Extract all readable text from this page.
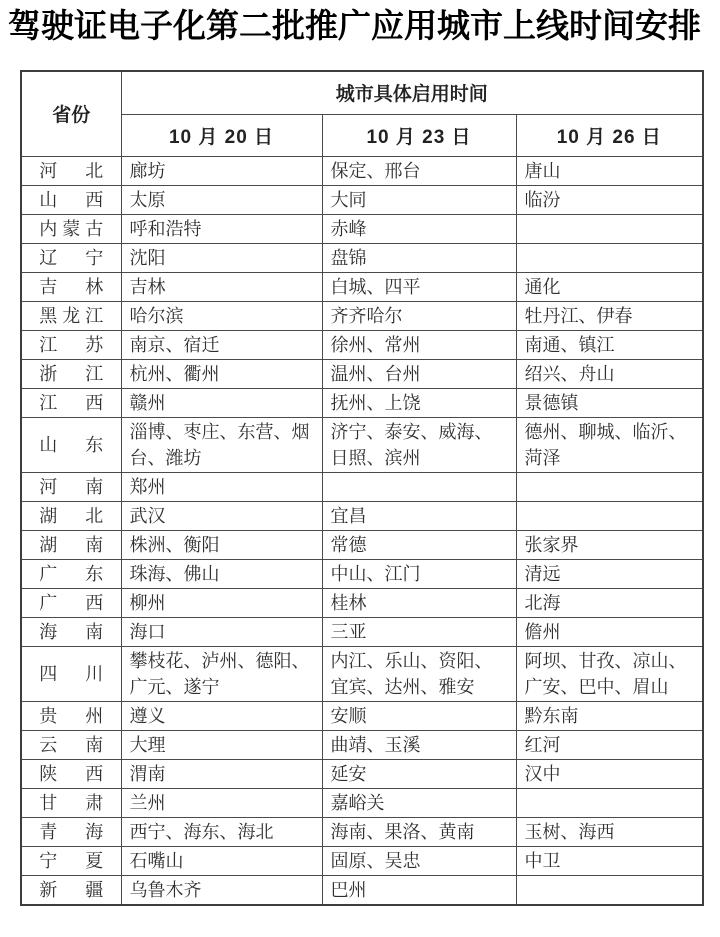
驾驶证电子化第二批推广应用城市上线时间安排
省份	城市具体启用时间		
	10 月 20 日	10 月 23 日	10 月 26 日
河北	廊坊	保定、邢台	唐山
山西	太原	大同	临汾
内蒙古	呼和浩特	赤峰	
辽宁	沈阳	盘锦	
吉林	吉林	白城、四平	通化
黑龙江	哈尔滨	齐齐哈尔	牡丹江、伊春
江苏	南京、宿迁	徐州、常州	南通、镇江
浙江	杭州、衢州	温州、台州	绍兴、舟山
江西	赣州	抚州、上饶	景德镇
山东	淄博、枣庄、东营、烟台、潍坊	济宁、泰安、威海、日照、滨州	德州、聊城、临沂、菏泽
河南	郑州		
湖北	武汉	宜昌	
湖南	株洲、衡阳	常德	张家界
广东	珠海、佛山	中山、江门	清远
广西	柳州	桂林	北海
海南	海口	三亚	儋州
四川	攀枝花、泸州、德阳、广元、遂宁	内江、乐山、资阳、宜宾、达州、雅安	阿坝、甘孜、凉山、广安、巴中、眉山
贵州	遵义	安顺	黔东南
云南	大理	曲靖、玉溪	红河
陕西	渭南	延安	汉中
甘肃	兰州	嘉峪关	
青海	西宁、海东、海北	海南、果洛、黄南	玉树、海西
宁夏	石嘴山	固原、吴忠	中卫
新疆	乌鲁木齐	巴州	
